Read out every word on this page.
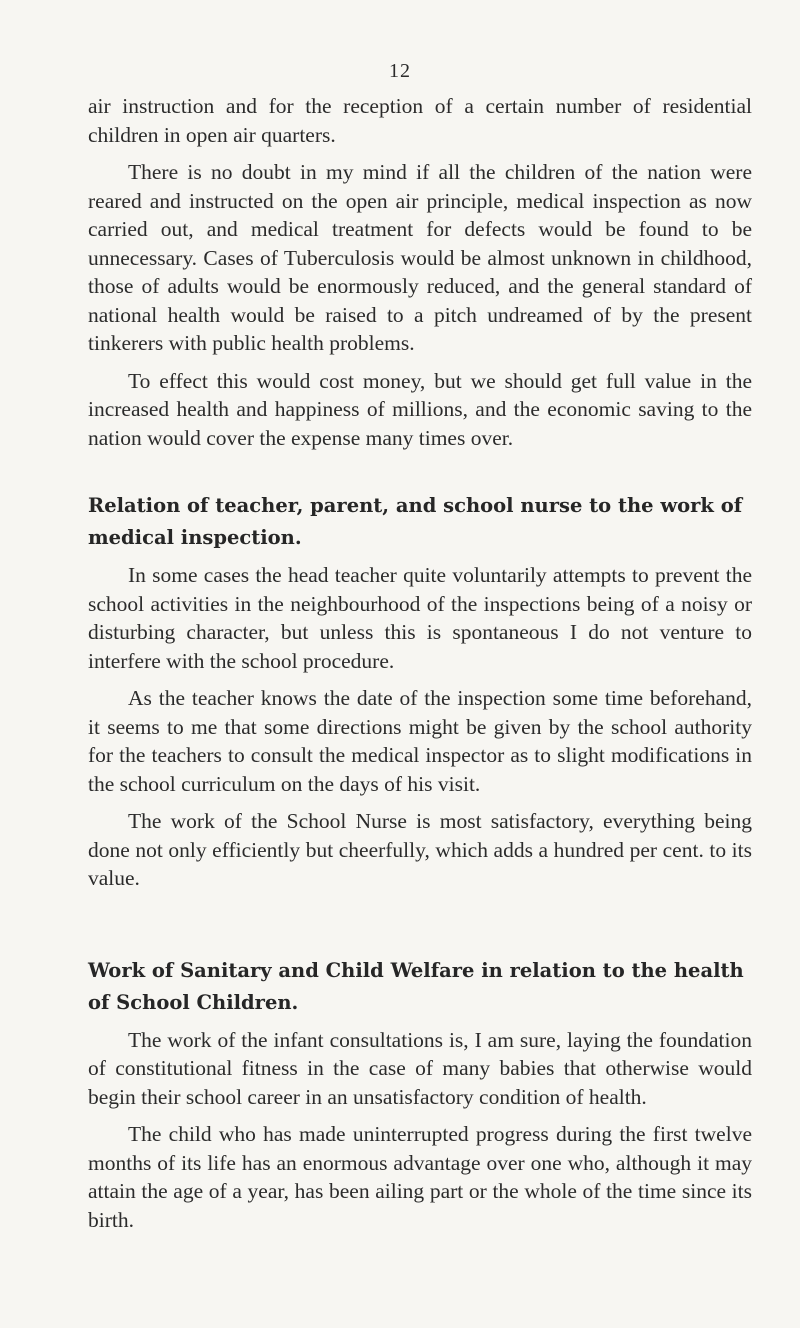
12

air instruction and for the reception of a certain number of residential children in open air quarters.

There is no doubt in my mind if all the children of the nation were reared and instructed on the open air principle, medical inspection as now carried out, and medical treatment for defects would be found to be unnecessary. Cases of Tuberculosis would be almost unknown in childhood, those of adults would be enormously reduced, and the general standard of national health would be raised to a pitch undreamed of by the present tinkerers with public health problems.

To effect this would cost money, but we should get full value in the increased health and happiness of millions, and the economic saving to the nation would cover the expense many times over.

Relation of teacher, parent, and school nurse to the work of medical inspection.

In some cases the head teacher quite voluntarily attempts to prevent the school activities in the neighbourhood of the inspections being of a noisy or disturbing character, but unless this is spontaneous I do not venture to interfere with the school procedure.

As the teacher knows the date of the inspection some time beforehand, it seems to me that some directions might be given by the school authority for the teachers to consult the medical inspector as to slight modifications in the school curriculum on the days of his visit.

The work of the School Nurse is most satisfactory, everything being done not only efficiently but cheerfully, which adds a hundred per cent. to its value.

Work of Sanitary and Child Welfare in relation to the health of School Children.

The work of the infant consultations is, I am sure, laying the foundation of constitutional fitness in the case of many babies that otherwise would begin their school career in an unsatisfactory condition of health.

The child who has made uninterrupted progress during the first twelve months of its life has an enormous advantage over one who, although it may attain the age of a year, has been ailing part or the whole of the time since its birth.
